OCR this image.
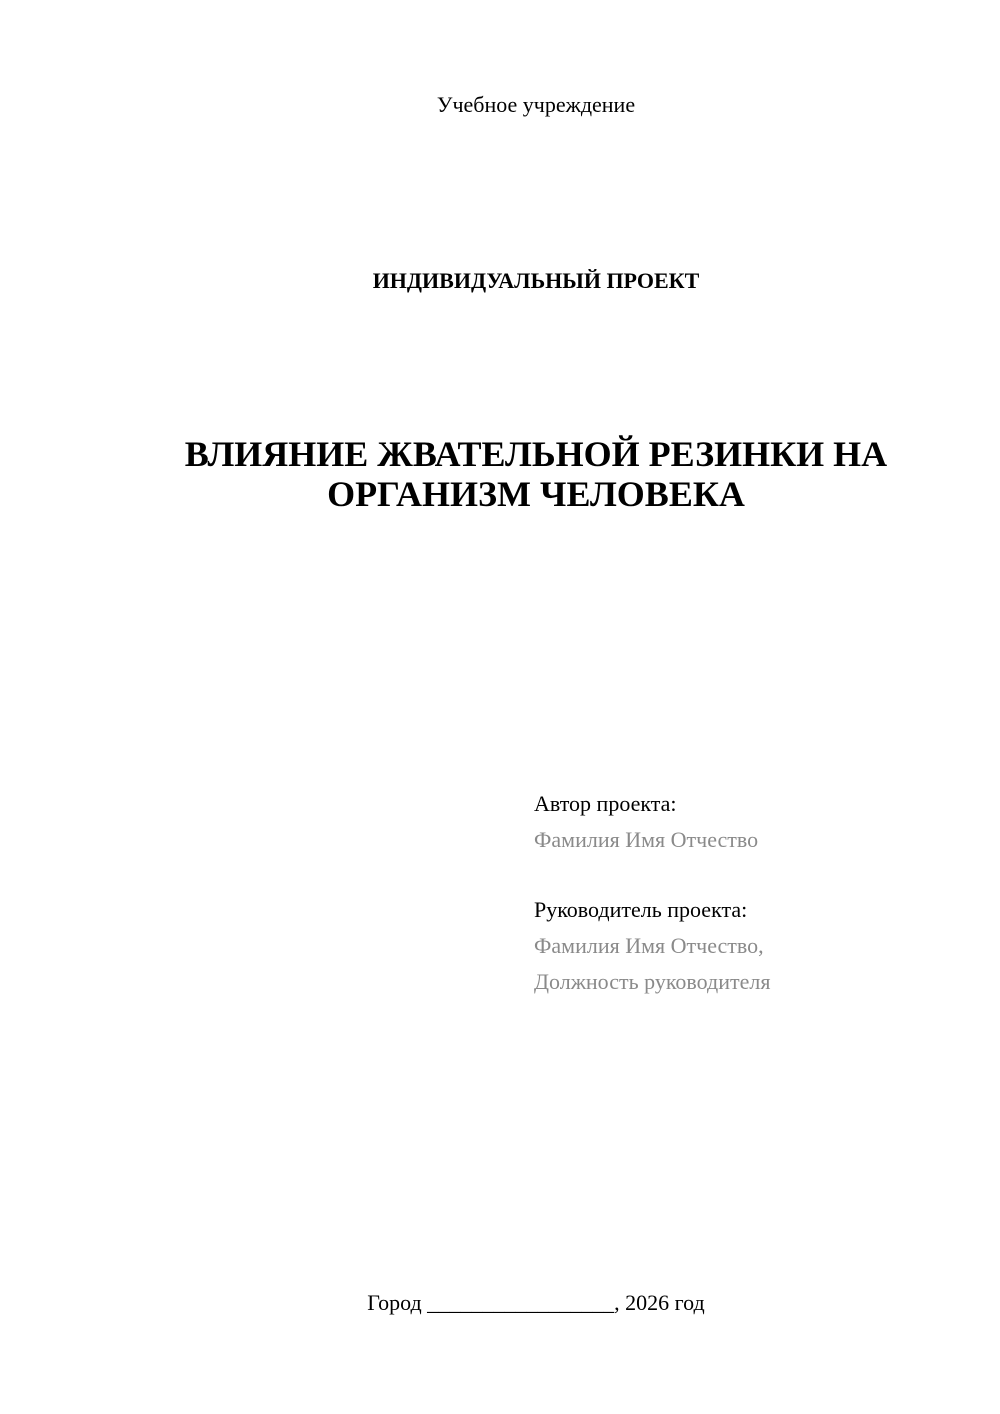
Учебное учреждение
ИНДИВИДУАЛЬНЫЙ ПРОЕКТ
ВЛИЯНИЕ ЖВАТЕЛЬНОЙ РЕЗИНКИ НА
ОРГАНИЗМ ЧЕЛОВЕКА
Автор проекта:
Фамилия Имя Отчество
Руководитель проекта:
Фамилия Имя Отчество,
Должность руководителя
Город _________________, 2026 год
